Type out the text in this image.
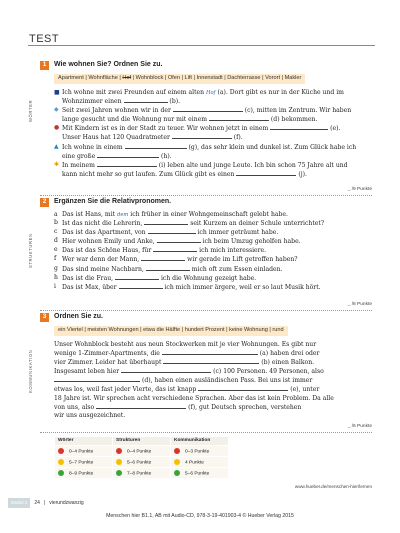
TEST
WÖRTER
1	Wie wohnen Sie? Ordnen Sie zu.
Apartment | Wohnfläche | Hof | Wohnblock | Ofen | Lift | Innenstadt | Dachterrasse | Vorort | Makler
■ Ich wohne mit zwei Freunden auf einem alten Hof (a). Dort gibt es nur in der Küche und im Wohnzimmer einen	(b).
◆ Seit zwei Jahren wohnen wir in der	(c), mitten im Zentrum. Wir haben lange gesucht und die Wohnung nur mit einem	(d) bekommen.
● Mit Kindern ist es in der Stadt zu teuer. Wir wohnen jetzt in einem	(e). Unser Haus hat 120 Quadratmeter	(f).
▲ Ich wohne in einem	(g), das sehr klein und dunkel ist. Zum Glück habe ich eine große	(h).
✱ In meinem	(i) leben alte und junge Leute. Ich bin schon 75 Jahre alt und kann nicht mehr so gut laufen. Zum Glück gibt es einen	(j).
_ /9 Punkte
STRUKTUREN
2	Ergänzen Sie die Relativpronomen.
a Das ist Hans, mit dem ich früher in einer Wohngemeinschaft gelebt habe.
b Ist das nicht die Lehrerin,	seit Kurzem an deiner Schule unterrichtet?
c Das ist das Apartment, von	ich immer geträumt habe.
d Hier wohnen Emily und Anke,	ich beim Umzug geholfen habe.
e Das ist das Schöne Haus, für	ich mich interessiere.
f Wer war denn der Mann,	wir gerade im Lift getroffen haben?
g Das sind meine Nachbarn,	mich oft zum Essen einladen.
h Das ist die Frau,	ich die Wohnung gezeigt habe.
i Das ist Max, über	ich mich immer ärgere, weil er so laut Musik hört.
_ /8 Punkte
KOMMUNIKATION
3	Ordnen Sie zu.
ein Viertel | meisten Wohnungen | etwa die Hälfte | hundert Prozent | keine Wohnung | rund
Unser Wohnblock besteht aus neun Stockwerken mit je vier Wohnungen. Es gibt nur
wenige 1-Zimmer-Apartments, die	(a) haben drei oder
vier Zimmer. Leider hat überhaupt	(b) einen Balkon.
Insgesamt leben hier	(c) 100 Personen. 49 Personen, also
(d), haben einen ausländischen Pass. Bei uns ist immer
etwas los, weil fast jeder Vierte, das ist knapp	(e), unter
18 Jahre ist. Wir sprechen acht verschiedene Sprachen. Aber das ist kein Problem. Da alle
von uns, also	(f), gut Deutsch sprechen, verstehen
wir uns ausgezeichnet.
_ /6 Punkte
Wörter	Strukturen	Kommunikation
0–4 Punkte	0–4 Punkte	0–3 Punkte
5–7 Punkte	5–6 Punkte	4 Punkte
8–9 Punkte	7–8 Punkte	5–6 Punkte
www.hueber.de/menschen-hier/lernen
Modul 2	24 | vierundzwanzig
Menschen hier B1.1, AB mit Audio-CD, 978-3-19-401903-4 © Hueber Verlag 2015
